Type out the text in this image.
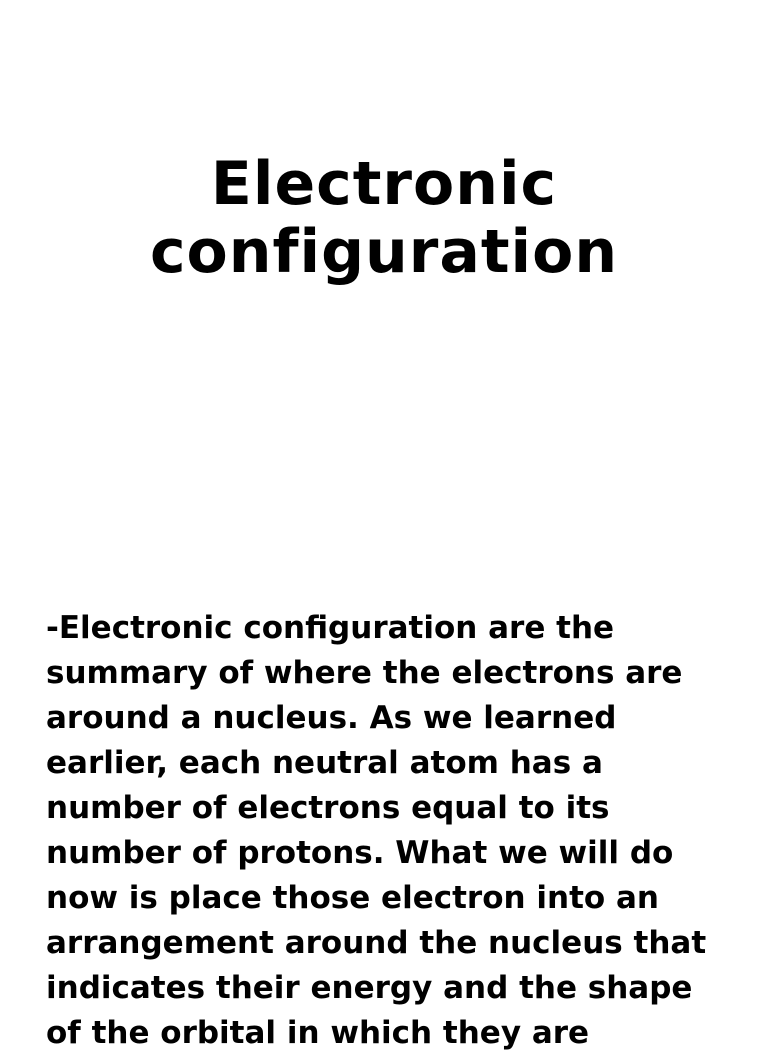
Electronic
configuration
-Electronic configuration are the
summary of where the electrons are
around a nucleus. As we learned
earlier, each neutral atom has a
number of electrons equal to its
number of protons. What we will do
now is place those electron into an
arrangement around the nucleus that
indicates their energy and the shape
of the orbital in which they are
